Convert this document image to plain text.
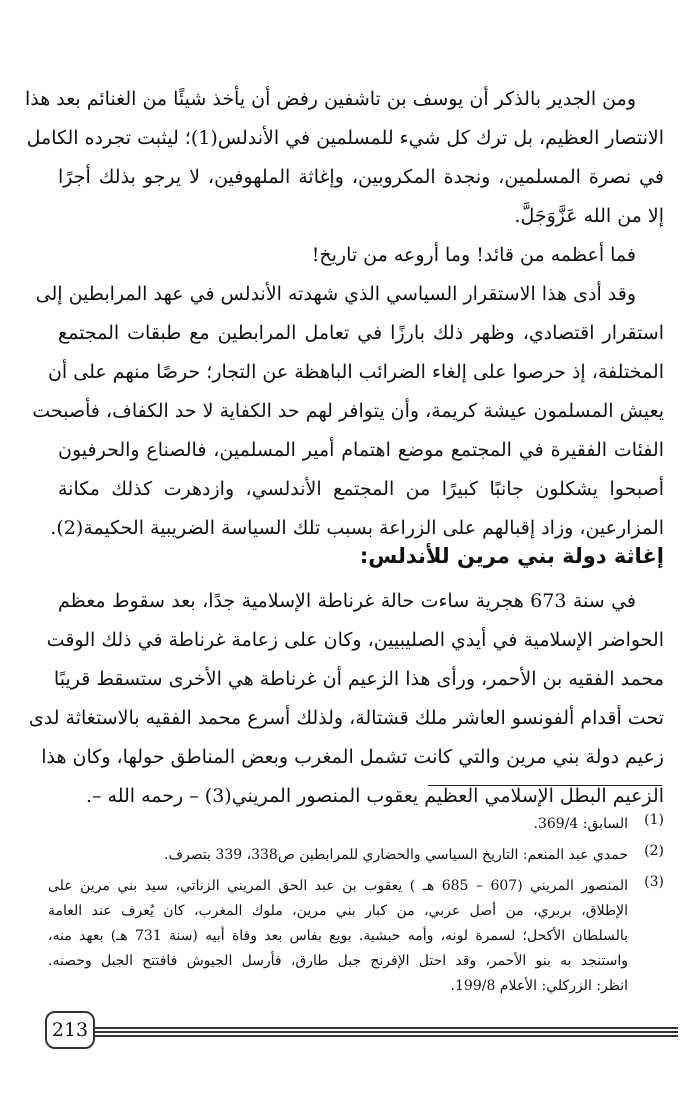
ومن الجدير بالذكر أن يوسف بن تاشفين رفض أن يأخذ شيئًا من الغنائم بعد هذا
الانتصار العظيم، بل ترك كل شيء للمسلمين في الأندلس(1)؛ ليثبت تجرده الكامل
في نصرة المسلمين، ونجدة المكروبين، وإغاثة الملهوفين، لا يرجو بذلك أجرًا
إلا من الله عَزَّوَجَلَّ.
فما أعظمه من قائد! وما أروعه من تاريخ!
وقد أدى هذا الاستقرار السياسي الذي شهدته الأندلس في عهد المرابطين إلى
استقرار اقتصادي، وظهر ذلك بارزًا في تعامل المرابطين مع طبقات المجتمع
المختلفة، إذ حرصوا على إلغاء الضرائب الباهظة عن التجار؛ حرصًا منهم على أن
يعيش المسلمون عيشة كريمة، وأن يتوافر لهم حد الكفاية لا حد الكفاف، فأصبحت
الفئات الفقيرة في المجتمع موضع اهتمام أمير المسلمين، فالصناع والحرفيون
أصبحوا يشكلون جانبًا كبيرًا من المجتمع الأندلسي، وازدهرت كذلك مكانة
المزارعين، وزاد إقبالهم على الزراعة بسبب تلك السياسة الضريبية الحكيمة(2).
إغاثة دولة بني مرين للأندلس:
في سنة 673 هجرية ساءت حالة غرناطة الإسلامية جدًا، بعد سقوط معظم
الحواضر الإسلامية في أيدي الصليبيين، وكان على زعامة غرناطة في ذلك الوقت
محمد الفقيه بن الأحمر، ورأى هذا الزعيم أن غرناطة هي الأخرى ستسقط قريبًا
تحت أقدام ألفونسو العاشر ملك قشتالة، ولذلك أسرع محمد الفقيه بالاستغاثة لدى
زعيم دولة بني مرين والتي كانت تشمل المغرب وبعض المناطق حولها، وكان هذا
الزعيم البطل الإسلامي العظيم يعقوب المنصور المريني(3) – رحمه الله –.
(1)
السابق: 369/4.
(2)
حمدي عبد المنعم: التاريخ السياسي والحضاري للمرابطين ص338، 339 بتصرف.
(3)
المنصور المريني (607 – 685 هـ ) يعقوب بن عبد الحق المريني الزناتي، سيد بني مرين على
الإطلاق، بربري، من أصل عربي، من كبار بني مرين، ملوك المغرب، كان يُعرف عند العامة
بالسلطان الأكحل؛ لسمرة لونه، وأمه حبشية. بويع بفاس بعد وفاة أبيه (سنة 731 هـ) بعهد منه،
واستنجد به بنو الأحمر، وقد احتل الإفرنج جبل طارق، فأرسل الجيوش فافتتح الجبل وحصنه.
انظر: الزركلي: الأعلام 199/8.
213
